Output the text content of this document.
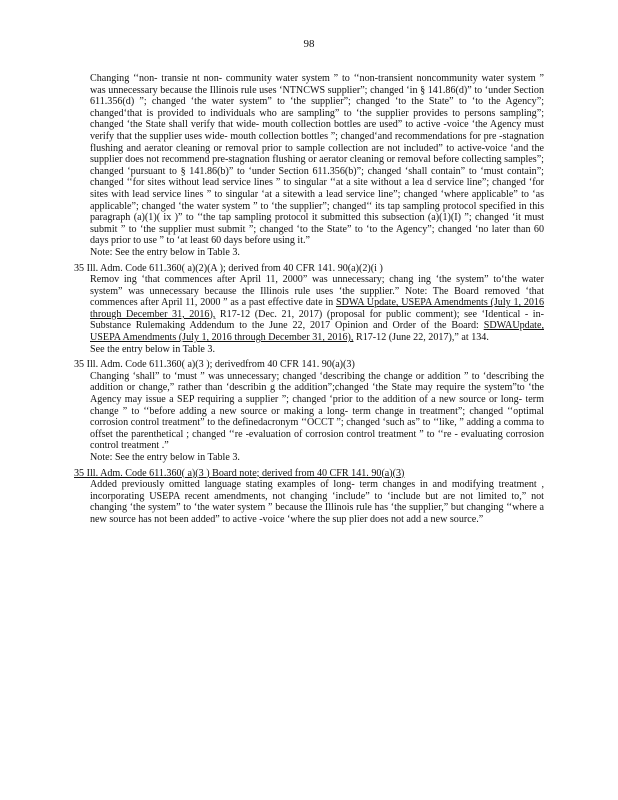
98
Changing ‘‘non- transie nt non- community water system ” to ‘‘non-transient noncommunity water system ” was unnecessary because the Illinois rule uses ‘NTNCWS supplier”; changed ‘in § 141.86(d)” to ‘under Section 611.356(d) ”; changed ‘the water system” to ‘the supplier”; changed ‘to the State” to ‘to the Agency”; changed‘that is provided to individuals who are sampling” to ‘the supplier provides to persons sampling”; changed ‘the State shall verify that wide- mouth collection bottles are used” to active -voice ‘the Agency must verify that the supplier uses wide- mouth collection bottles ”; changed‘and recommendations for pre -stagnation flushing and aerator cleaning or removal prior to sample collection are not included” to active-voice ‘and the supplier does not recommend pre-stagnation flushing or aerator cleaning or removal before collecting samples”; changed ‘pursuant to § 141.86(b)” to ‘under Section 611.356(b)”; changed ‘shall contain” to ‘must contain”; changed ‘‘for sites without lead service lines ” to singular ‘‘at a site without a lea d service line”; changed ‘for sites with lead service lines ” to singular ‘at a sitewith a lead service line”; changed ‘where applicable” to ‘as applicable”; changed ‘the water system ” to ‘the supplier”; changed‘‘ its tap sampling protocol specified in this paragraph (a)(1)( ix )” to ‘‘the tap sampling protocol it submitted this subsection (a)(1)(I) ”; changed ‘it must submit ” to ‘the supplier must submit ”; changed ‘to the State” to ‘to the Agency”; changed ‘no later than 60 days prior to use ” to ‘at least 60 days before using it.”
Note: See the entry below in Table 3.
35 Ill. Adm. Code 611.360( a)(2)(A ); derived from 40 CFR 141. 90(a)(2)(i )
Remov ing ‘that commences after April 11, 2000” was unnecessary; chang ing ‘the system” to‘the water system” was unnecessary because the Illinois rule uses ‘the supplier.” Note: The Board removed ‘that commences after April 11, 2000 ” as a past effective date in SDWA Update, USEPA Amendments (July 1, 2016 through December 31, 2016), R17-12 (Dec. 21, 2017) (proposal for public comment); see ‘Identical - in-Substance Rulemaking Addendum to the June 22, 2017 Opinion and Order of the Board: SDWAUpdate, USEPA Amendments (July 1, 2016 through December 31, 2016), R17-12 (June 22, 2017),” at 134.
See the entry below in Table 3.
35 Ill. Adm. Code 611.360( a)(3 ); derivedfrom 40 CFR 141. 90(a)(3)
Changing ‘shall” to ‘must ” was unnecessary; changed ‘describing the change or addition ” to ‘describing the addition or change,” rather than ‘describin g the addition”;changed ‘the State may require the system”to ‘the Agency may issue a SEP requiring a supplier ”; changed ‘prior to the addition of a new source or long- term change ” to ‘‘before adding a new source or making a long- term change in treatment”; changed ‘‘optimal corrosion control treatment” to the definedacronym ‘‘OCCT ”; changed ‘such as” to ‘‘like, ” adding a comma to offset the parenthetical ; changed ‘‘re -evaluation of corrosion control treatment ” to ‘‘re - evaluating corrosion control treatment .”
Note: See the entry below in Table 3.
35 Ill. Adm. Code 611.360( a)(3 ) Board note; derived from 40 CFR 141. 90(a)(3)
Added previously omitted language stating examples of long- term changes in and modifying treatment , incorporating USEPA recent amendments, not changing ‘include” to ‘include but are not limited to,” not changing ‘the system” to ‘the water system ” because the Illinois rule has ‘the supplier,” but changing ‘‘where a new source has not been added” to active -voice ‘where the sup plier does not add a new source.”
